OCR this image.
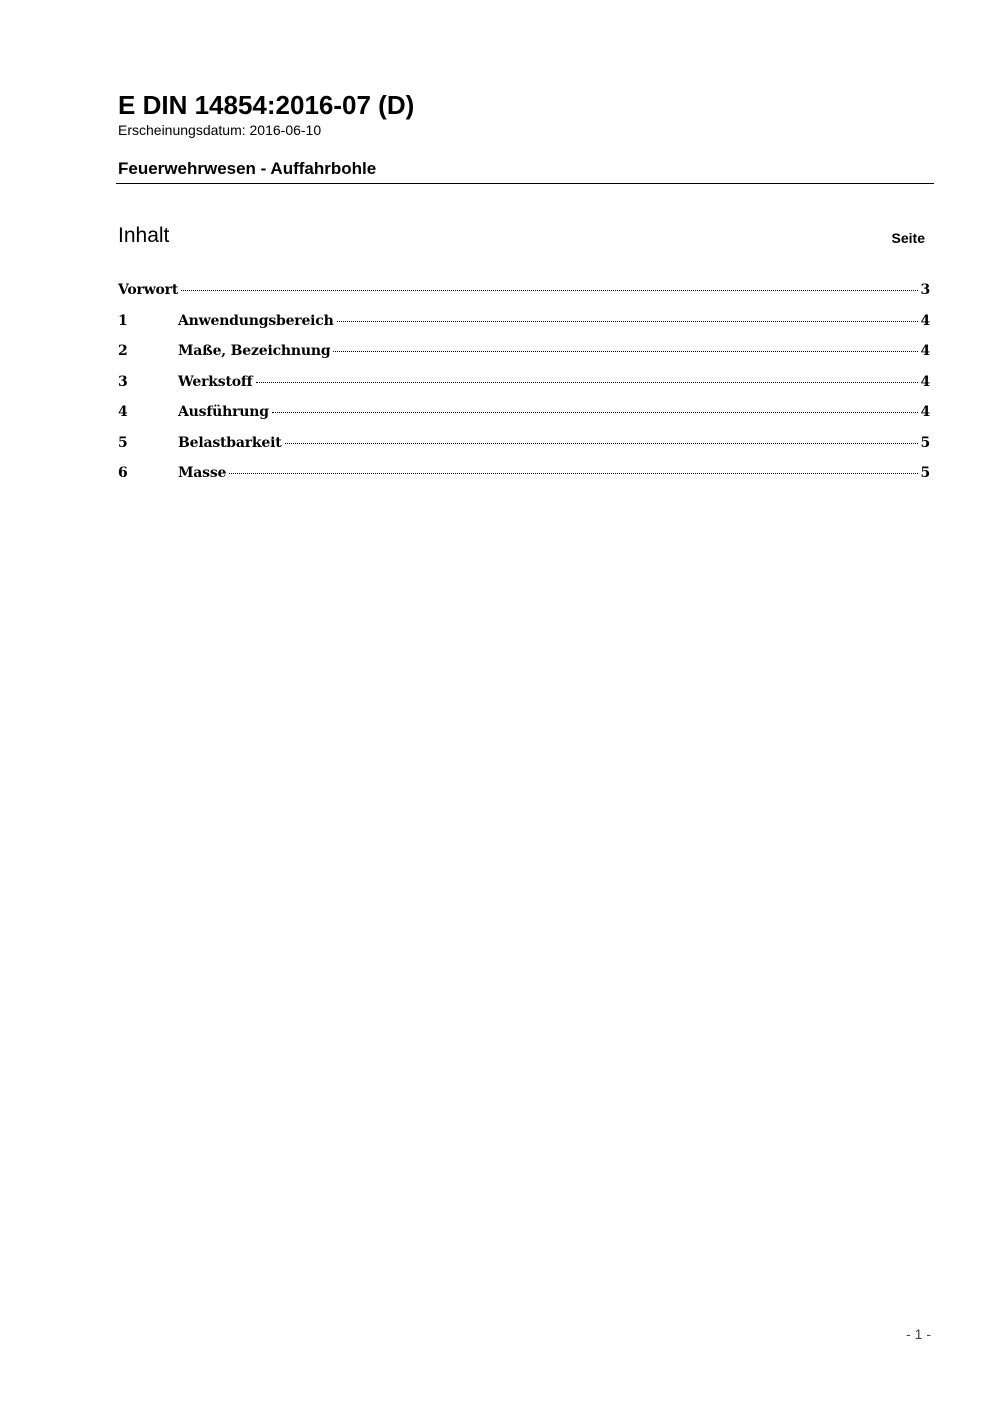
E DIN 14854:2016-07 (D)
Erscheinungsdatum: 2016-06-10
Feuerwehrwesen - Auffahrbohle
Inhalt	Seite
Vorwort	3
1	Anwendungsbereich	4
2	Maße, Bezeichnung	4
3	Werkstoff	4
4	Ausführung	4
5	Belastbarkeit	5
6	Masse	5
- 1 -
